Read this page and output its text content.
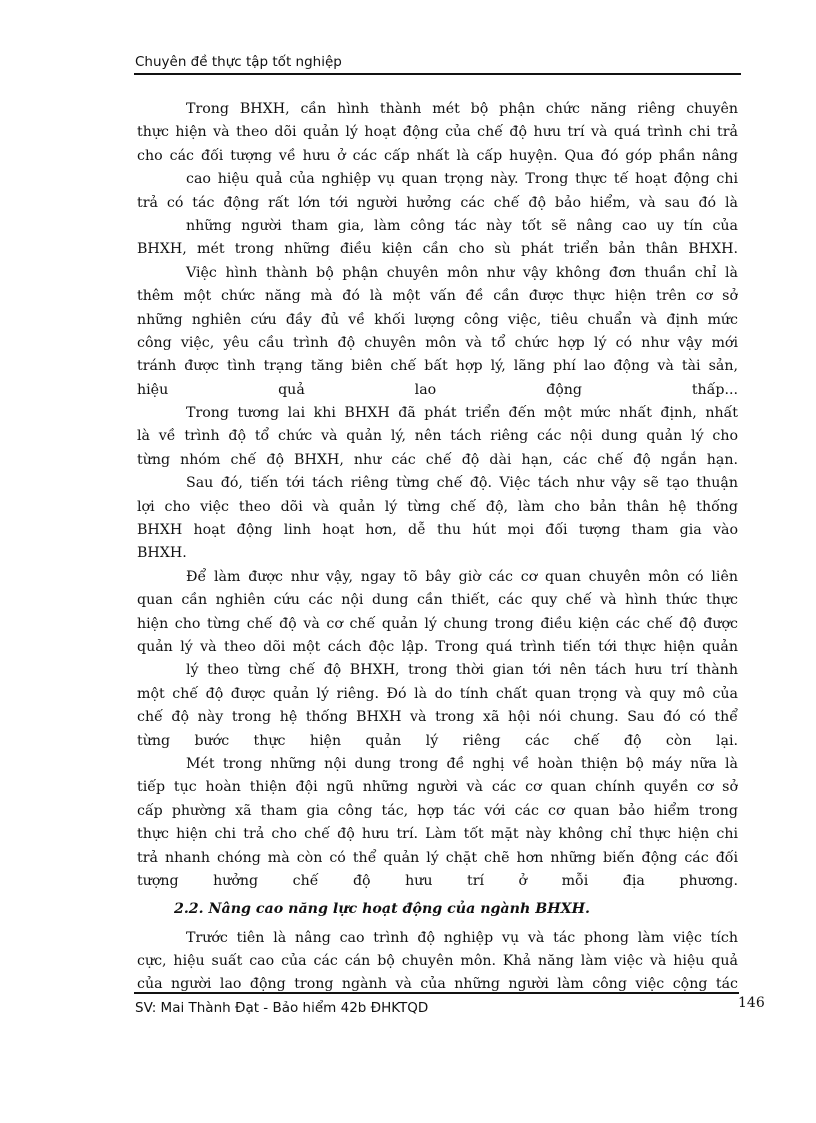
Chuyên đề thực tập tốt nghiệp
Trong BHXH, cần hình thành mét bộ phận chức năng riêng chuyên
thực hiện và theo dõi quản lý hoạt động của chế độ hưu trí và quá trình chi trả
cho các đối tượng về hưu ở các cấp nhất là cấp huyện. Qua đó góp phần nâng
cao hiệu quả của nghiệp vụ quan trọng này. Trong thực tế hoạt động chi
trả có tác động rất lớn tới người hưởng các chế độ bảo hiểm, và sau đó là
những người tham gia, làm công tác này tốt sẽ nâng cao uy tín của
BHXH, mét trong những điều kiện cần cho sù phát triển bản thân BHXH.
Việc hình thành bộ phận chuyên môn như vậy không đơn thuần chỉ là
thêm một chức năng mà đó là một vấn đề cần được thực hiện trên cơ sở
những nghiên cứu đầy đủ về khối lượng công việc, tiêu chuẩn và định mức
công việc, yêu cầu trình độ chuyên môn và tổ chức hợp lý có như vậy mới
tránh được tình trạng tăng biên chế bất hợp lý, lãng phí lao động và tài sản,
hiệu quả lao động thấp...
Trong tương lai khi BHXH đã phát triển đến một mức nhất định, nhất
là về trình độ tổ chức và quản lý, nên tách riêng các nội dung quản lý cho
từng nhóm chế độ BHXH, như các chế độ dài hạn, các chế độ ngắn hạn.
Sau đó, tiến tới tách riêng từng chế độ. Việc tách như vậy sẽ tạo thuận
lợi cho việc theo dõi và quản lý từng chế độ, làm cho bản thân hệ thống
BHXH hoạt động linh hoạt hơn, dễ thu hút mọi đối tượng tham gia vào
BHXH.
Để làm được như vậy, ngay tõ bây giờ các cơ quan chuyên môn có liên
quan cần nghiên cứu các nội dung cần thiết, các quy chế và hình thức thực
hiện cho từng chế độ và cơ chế quản lý chung trong điều kiện các chế độ được
quản lý và theo dõi một cách độc lập. Trong quá trình tiến tới thực hiện quản
lý theo từng chế độ BHXH, trong thời gian tới nên tách hưu trí thành
một chế độ được quản lý riêng. Đó là do tính chất quan trọng và quy mô của
chế độ này trong hệ thống BHXH và trong xã hội nói chung. Sau đó có thể
từng bước thực hiện quản lý riêng các chế độ còn lại.
Mét trong những nội dung trong đề nghị về hoàn thiện bộ máy nữa là
tiếp tục hoàn thiện đội ngũ những người và các cơ quan chính quyền cơ sở
cấp phường xã tham gia công tác, hợp tác với các cơ quan bảo hiểm trong
thực hiện chi trả cho chế độ hưu trí. Làm tốt mặt này không chỉ thực hiện chi
trả nhanh chóng mà còn có thể quản lý chặt chẽ hơn những biến động các đối
tượng hưởng chế độ hưu trí ở mỗi địa phương.
2.2. Nâng cao năng lực hoạt động của ngành BHXH.
Trước tiên là nâng cao trình độ nghiệp vụ và tác phong làm việc tích
cực, hiệu suất cao của các cán bộ chuyên môn. Khả năng làm việc và hiệu quả
của người lao động trong ngành và của những người làm công việc cộng tác
SV: Mai Thành Đạt - Bảo hiểm 42b ĐHKTQD	146
